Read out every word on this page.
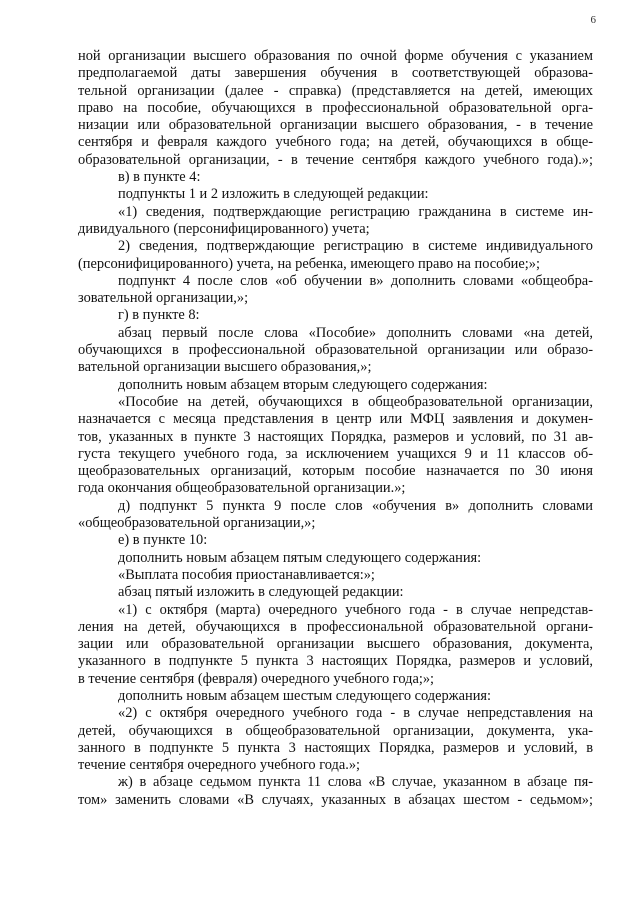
6
ной организации высшего образования по очной форме обучения с указанием
предполагаемой даты завершения обучения в соответствующей образова-
тельной организации (далее - справка) (представляется на детей, имеющих
право на пособие, обучающихся в профессиональной образовательной орга-
низации или образовательной организации высшего образования, - в течение
сентября и февраля каждого учебного года; на детей, обучающихся в обще-
образовательной организации, - в течение сентября каждого учебного года).»;
в) в пункте 4:
подпункты 1 и 2 изложить в следующей редакции:
«1) сведения, подтверждающие регистрацию гражданина в системе ин-
дивидуального (персонифицированного) учета;
2) сведения, подтверждающие регистрацию в системе индивидуального
(персонифицированного) учета, на ребенка, имеющего право на пособие;»;
подпункт 4 после слов «об обучении в» дополнить словами «общеобра-
зовательной организации,»;
г) в пункте 8:
абзац первый после слова «Пособие» дополнить словами «на детей,
обучающихся в профессиональной образовательной организации или образо-
вательной организации высшего образования,»;
дополнить новым абзацем вторым следующего содержания:
«Пособие на детей, обучающихся в общеобразовательной организации,
назначается с месяца представления в центр или МФЦ заявления и докумен-
тов, указанных в пункте 3 настоящих Порядка, размеров и условий, по 31 ав-
густа текущего учебного года, за исключением учащихся 9 и 11 классов об-
щеобразовательных организаций, которым пособие назначается по 30 июня
года окончания общеобразовательной организации.»;
д) подпункт 5 пункта 9 после слов «обучения в» дополнить словами
«общеобразовательной организации,»;
е) в пункте 10:
дополнить новым абзацем пятым следующего содержания:
«Выплата пособия приостанавливается:»;
абзац пятый изложить в следующей редакции:
«1) с октября (марта) очередного учебного года - в случае непредстав-
ления на детей, обучающихся в профессиональной образовательной органи-
зации или образовательной организации высшего образования, документа,
указанного в подпункте 5 пункта 3 настоящих Порядка, размеров и условий,
в течение сентября (февраля) очередного учебного года;»;
дополнить новым абзацем шестым следующего содержания:
«2) с октября очередного учебного года - в случае непредставления на
детей, обучающихся в общеобразовательной организации, документа, ука-
занного в подпункте 5 пункта 3 настоящих Порядка, размеров и условий, в
течение сентября очередного учебного года.»;
ж) в абзаце седьмом пункта 11 слова «В случае, указанном в абзаце пя-
том» заменить словами «В случаях, указанных в абзацах шестом - седьмом»;
